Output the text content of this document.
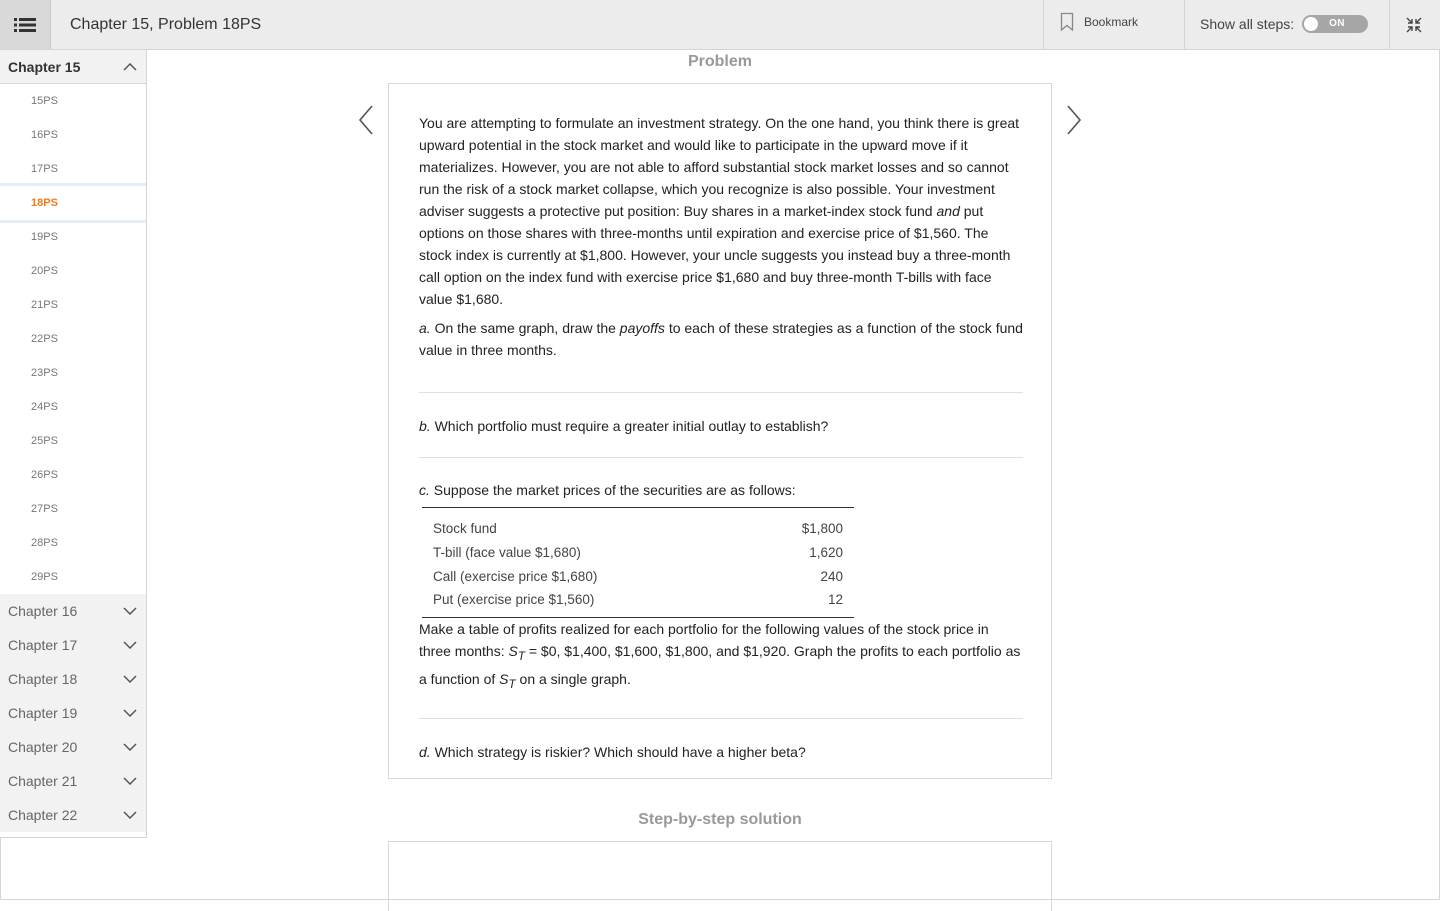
Chapter 15, Problem 18PS	Bookmark	Show all steps:	ON
Chapter 15
15PS
16PS
17PS
18PS
19PS
20PS
21PS
22PS
23PS
24PS
25PS
26PS
27PS
28PS
29PS
Chapter 16
Chapter 17
Chapter 18
Chapter 19
Chapter 20
Chapter 21
Chapter 22
Problem

You are attempting to formulate an investment strategy. On the one hand, you think there is great upward potential in the stock market and would like to participate in the upward move if it materializes. However, you are not able to afford substantial stock market losses and so cannot run the risk of a stock market collapse, which you recognize is also possible. Your investment adviser suggests a protective put position: Buy shares in a market-index stock fund and put options on those shares with three-months until expiration and exercise price of $1,560. The stock index is currently at $1,800. However, your uncle suggests you instead buy a three-month call option on the index fund with exercise price $1,680 and buy three-month T-bills with face value $1,680.

a. On the same graph, draw the payoffs to each of these strategies as a function of the stock fund value in three months.

b. Which portfolio must require a greater initial outlay to establish?

c. Suppose the market prices of the securities are as follows:

Stock fund	$1,800
T-bill (face value $1,680)	1,620
Call (exercise price $1,680)	240
Put (exercise price $1,560)	12

Make a table of profits realized for each portfolio for the following values of the stock price in three months: $S_T$ = $0, $1,400, $1,600, $1,800, and $1,920. Graph the profits to each portfolio as a function of $S_T$ on a single graph.

d. Which strategy is riskier? Which should have a higher beta?

Step-by-step solution
